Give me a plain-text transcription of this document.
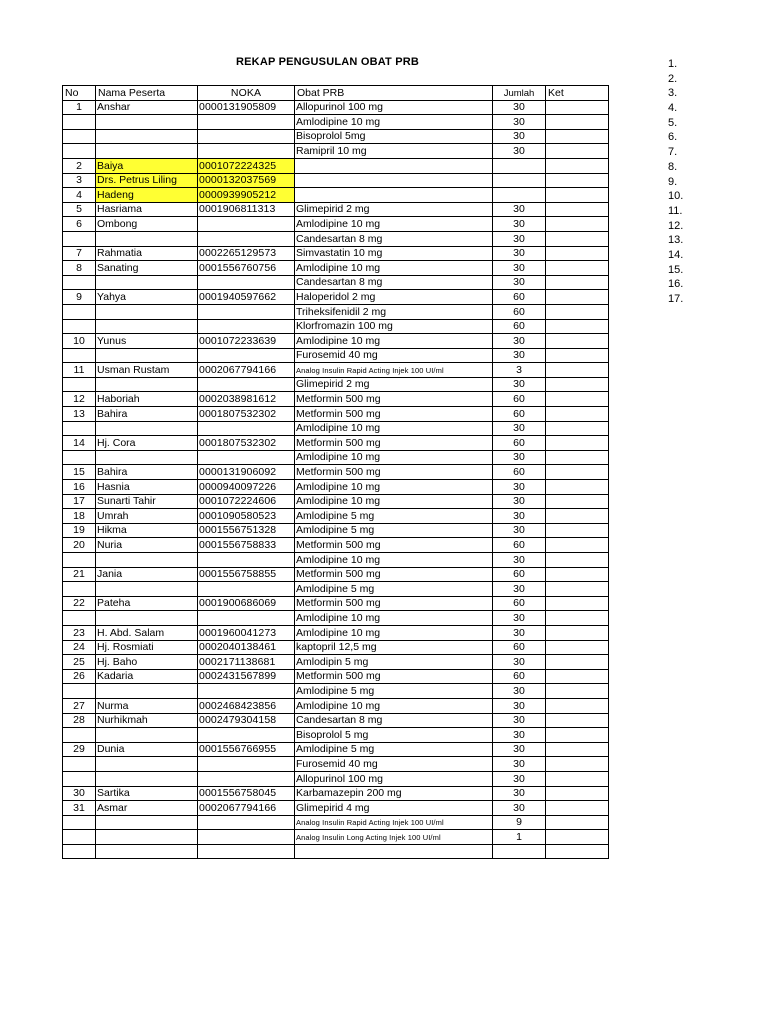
REKAP PENGUSULAN OBAT PRB	1.
2.
3.
4.
5.
6.
7.
8.
9.
10.
11.
12.
13.
14.
15.
16.
17.
No	Nama Peserta	NOKA	Obat PRB	Jumlah	Ket
1	Anshar	0000131905809	Allopurinol 100 mg	30	
			Amlodipine 10 mg	30	
			Bisoprolol 5mg	30	
			Ramipril 10 mg	30	
2	Baiya	0001072224325			
3	Drs. Petrus Liling	0000132037569			
4	Hadeng	0000939905212			
5	Hasriama	0001906811313	Glimepirid 2 mg	30	
6	Ombong		Amlodipine 10 mg	30	
			Candesartan 8 mg	30	
7	Rahmatia	0002265129573	Simvastatin 10 mg	30	
8	Sanating	0001556760756	Amlodipine 10 mg	30	
			Candesartan 8 mg	30	
9	Yahya	0001940597662	Haloperidol 2 mg	60	
			Triheksifenidil 2 mg	60	
			Klorfromazin 100 mg	60	
10	Yunus	0001072233639	Amlodipine 10 mg	30	
			Furosemid 40 mg	30	
11	Usman Rustam	0002067794166	Analog Insulin Rapid Acting Injek 100 UI/ml	3	
			Glimepirid 2 mg	30	
12	Haboriah	0002038981612	Metformin 500 mg	60	
13	Bahira	0001807532302	Metformin 500 mg	60	
			Amlodipine 10 mg	30	
14	Hj. Cora	0001807532302	Metformin 500 mg	60	
			Amlodipine 10 mg	30	
15	Bahira	0000131906092	Metformin 500 mg	60	
16	Hasnia	0000940097226	Amlodipine 10 mg	30	
17	Sunarti Tahir	0001072224606	Amlodipine 10 mg	30	
18	Umrah	0001090580523	Amlodipine 5 mg	30	
19	Hikma	0001556751328	Amlodipine 5 mg	30	
20	Nuria	0001556758833	Metformin 500 mg	60	
			Amlodipine 10 mg	30	
21	Jania	0001556758855	Metformin 500 mg	60	
			Amlodipine 5 mg	30	
22	Pateha	0001900686069	Metformin 500 mg	60	
			Amlodipine 10 mg	30	
23	H. Abd. Salam	0001960041273	Amlodipine 10 mg	30	
24	Hj. Rosmiati	0002040138461	kaptopril 12,5 mg	60	
25	Hj. Baho	0002171138681	Amlodipin 5 mg	30	
26	Kadaria	0002431567899	Metformin 500 mg	60	
			Amlodipine 5 mg	30	
27	Nurma	0002468423856	Amlodipine 10 mg	30	
28	Nurhikmah	0002479304158	Candesartan 8 mg	30	
			Bisoprolol 5 mg	30	
29	Dunia	0001556766955	Amlodipine 5 mg	30	
			Furosemid 40 mg	30	
			Allopurinol 100 mg	30	
30	Sartika	0001556758045	Karbamazepin 200 mg	30	
31	Asmar	0002067794166	Glimepirid 4 mg	30	
			Analog Insulin Rapid Acting Injek 100 UI/ml	9	
			Analog Insulin Long Acting Injek 100 UI/ml	1	
